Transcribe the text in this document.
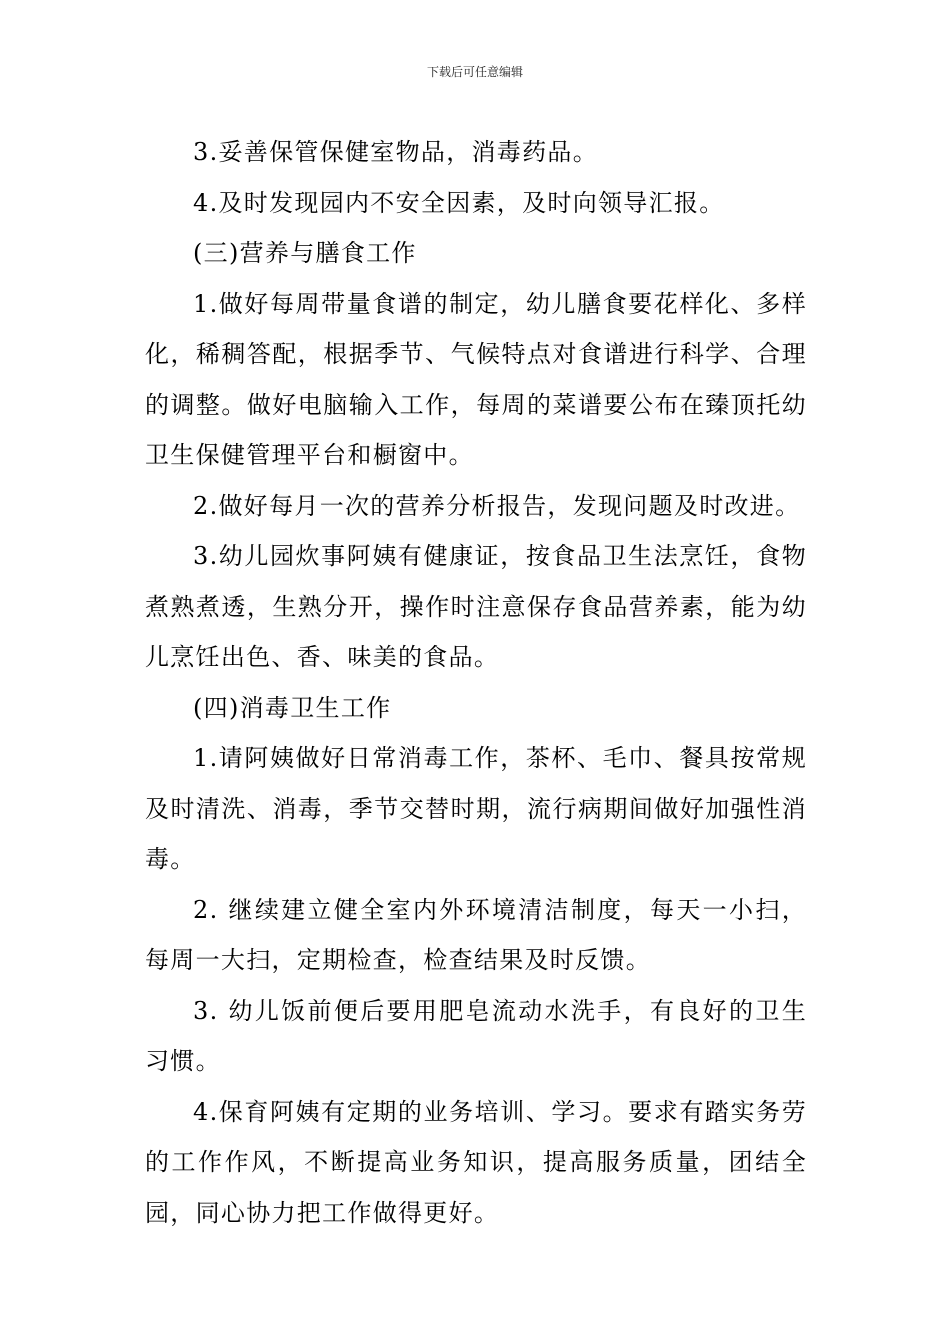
下载后可任意编辑

3.妥善保管保健室物品，消毒药品。

4.及时发现园内不安全因素，及时向领导汇报。

(三)营养与膳食工作

1.做好每周带量食谱的制定，幼儿膳食要花样化、多样化，稀稠答配，根据季节、气候特点对食谱进行科学、合理的调整。做好电脑输入工作，每周的菜谱要公布在臻顶托幼卫生保健管理平台和橱窗中。

2.做好每月一次的营养分析报告，发现问题及时改进。

3.幼儿园炊事阿姨有健康证，按食品卫生法烹饪，食物煮熟煮透，生熟分开，操作时注意保存食品营养素，能为幼儿烹饪出色、香、味美的食品。

(四)消毒卫生工作

1.请阿姨做好日常消毒工作，茶杯、毛巾、餐具按常规及时清洗、消毒，季节交替时期，流行病期间做好加强性消毒。

2. 继续建立健全室内外环境清洁制度，每天一小扫，每周一大扫，定期检查，检查结果及时反馈。

3. 幼儿饭前便后要用肥皂流动水洗手，有良好的卫生习惯。

4.保育阿姨有定期的业务培训、学习。要求有踏实务劳的工作作风，不断提高业务知识，提高服务质量，团结全园，同心协力把工作做得更好。
